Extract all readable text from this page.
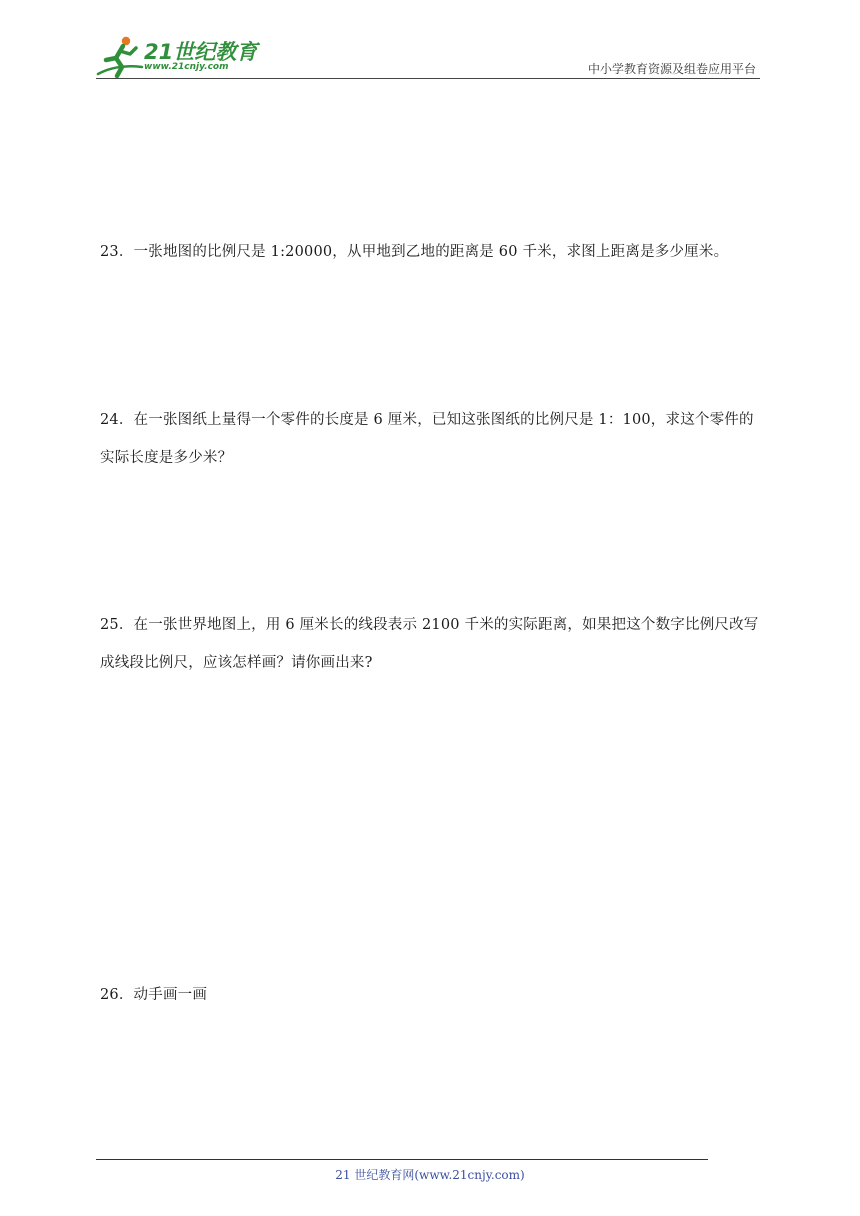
21世纪教育
www.21cnjy.com	中小学教育资源及组卷应用平台

23．一张地图的比例尺是 1:20000，从甲地到乙地的距离是 60 千米，求图上距离是多少厘米。

24．在一张图纸上量得一个零件的长度是 6 厘米，已知这张图纸的比例尺是 1：100，求这个零件的

实际长度是多少米？

25．在一张世界地图上，用 6 厘米长的线段表示 2100 千米的实际距离，如果把这个数字比例尺改写

成线段比例尺，应该怎样画？请你画出来?

26．动手画一画

21 世纪教育网(www.21cnjy.com)
